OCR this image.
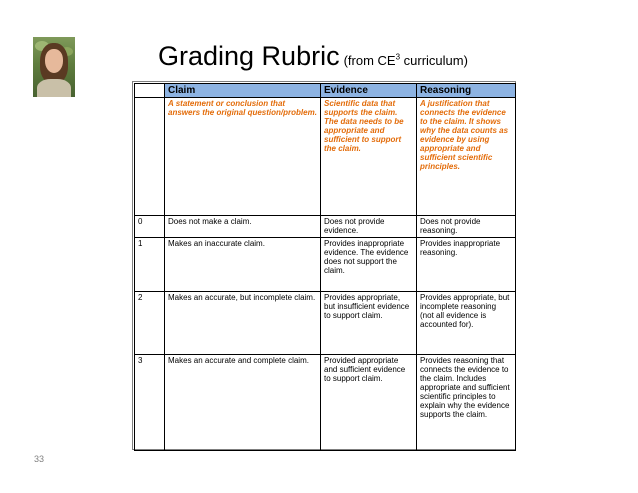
Grading Rubric (from $CE^3$ curriculum)
	Claim	Evidence	Reasoning
	A statement or conclusion that answers the original question/problem.	Scientific data that supports the claim. The data needs to be appropriate and sufficient to support the claim.	A justification that connects the evidence to the claim. It shows why the data counts as evidence by using appropriate and sufficient scientific principles.
0	Does not make a claim.	Does not provide evidence.	Does not provide reasoning.
1	Makes an inaccurate claim.	Provides inappropriate evidence. The evidence does not support the claim.	Provides inappropriate reasoning.
2	Makes an accurate, but incomplete claim.	Provides appropriate, but insufficient evidence to support claim.	Provides appropriate, but incomplete reasoning (not all evidence is accounted for).
3	Makes an accurate and complete claim.	Provided appropriate and sufficient evidence to support claim.	Provides reasoning that connects the evidence to the claim. Includes appropriate and sufficient scientific principles to explain why the evidence supports the claim.
33
